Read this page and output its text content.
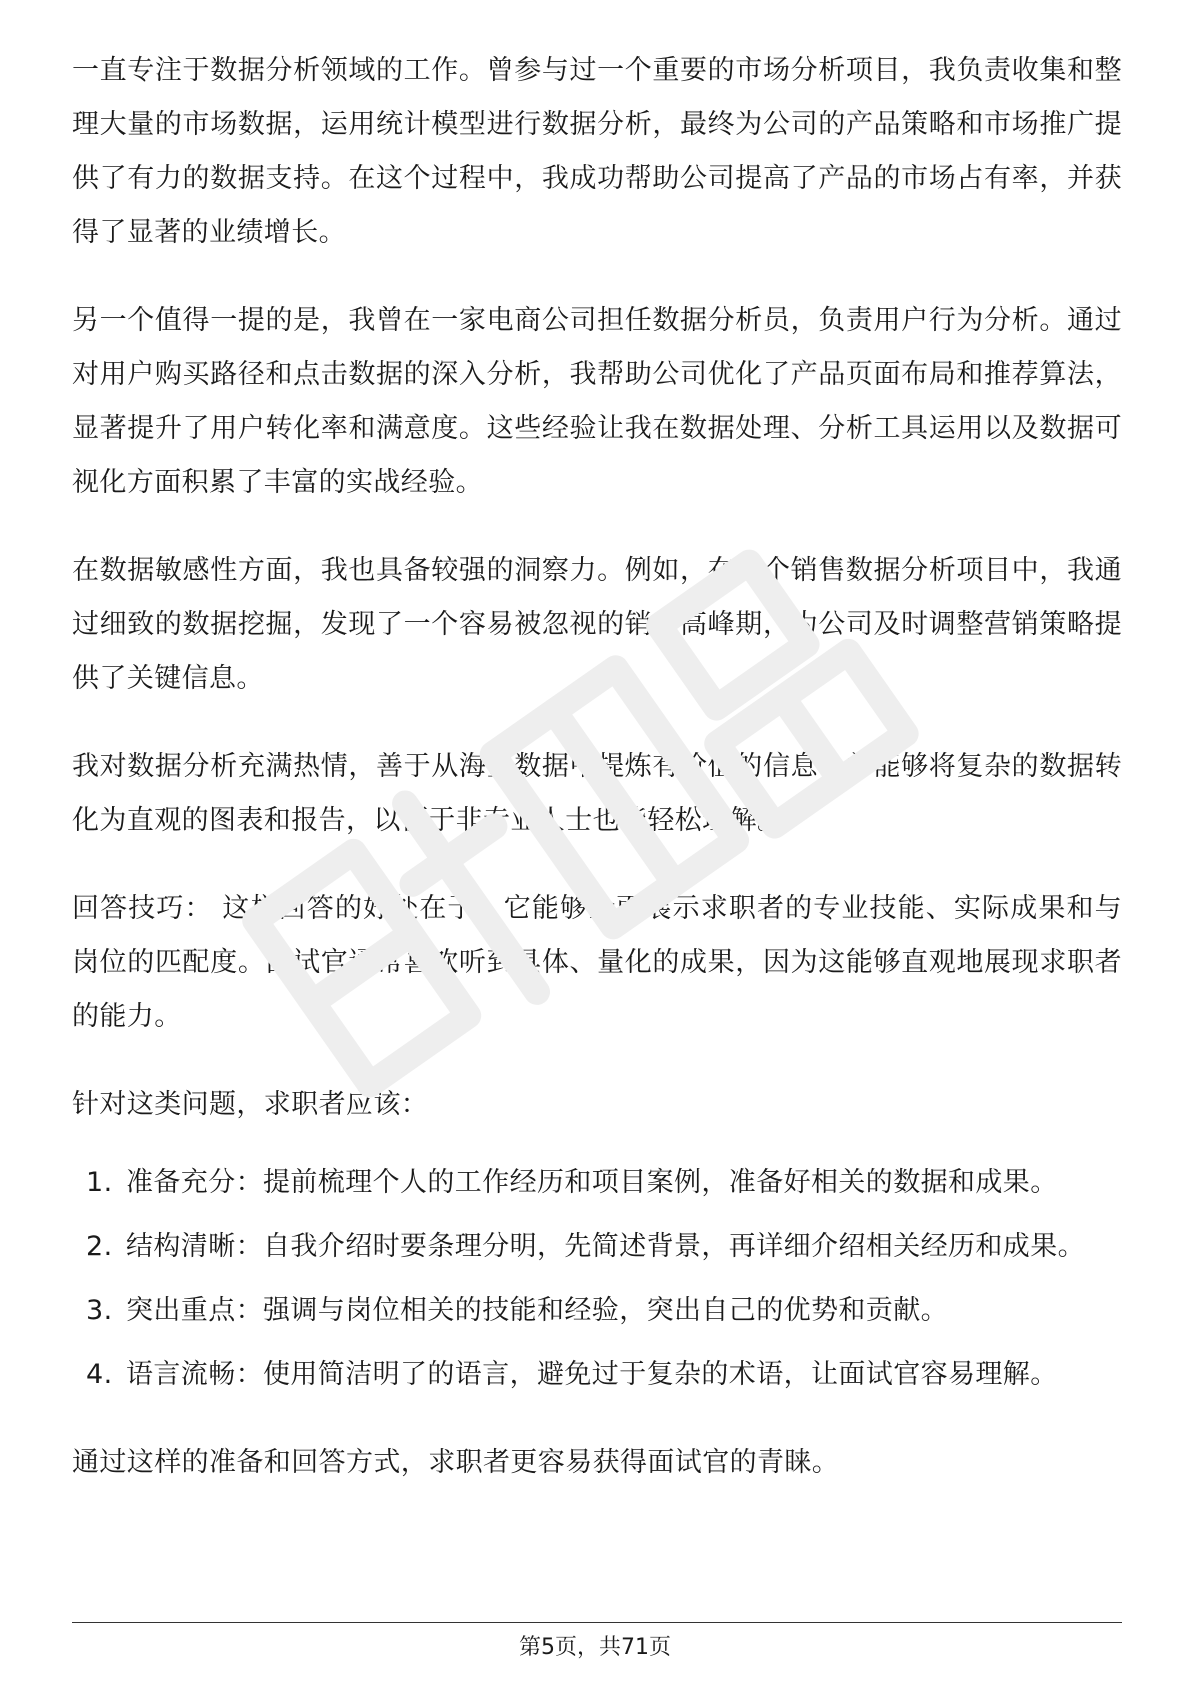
一直专注于数据分析领域的工作。曾参与过一个重要的市场分析项目，我负责收集和整理大量的市场数据，运用统计模型进行数据分析，最终为公司的产品策略和市场推广提供了有力的数据支持。在这个过程中，我成功帮助公司提高了产品的市场占有率，并获得了显著的业绩增长。

另一个值得一提的是，我曾在一家电商公司担任数据分析员，负责用户行为分析。通过对用户购买路径和点击数据的深入分析，我帮助公司优化了产品页面布局和推荐算法，显著提升了用户转化率和满意度。这些经验让我在数据处理、分析工具运用以及数据可视化方面积累了丰富的实战经验。

在数据敏感性方面，我也具备较强的洞察力。例如，在一个销售数据分析项目中，我通过细致的数据挖掘，发现了一个容易被忽视的销售高峰期，为公司及时调整营销策略提供了关键信息。

我对数据分析充满热情，善于从海量数据中提炼有价值的信息，并能够将复杂的数据转化为直观的图表和报告，以便于非专业人士也能轻松理解。

回答技巧： 这样回答的好处在于，它能够全面展示求职者的专业技能、实际成果和与岗位的匹配度。面试官通常喜欢听到具体、量化的成果，因为这能够直观地展现求职者的能力。

针对这类问题，求职者应该：

1. 准备充分：提前梳理个人的工作经历和项目案例，准备好相关的数据和成果。
2. 结构清晰：自我介绍时要条理分明，先简述背景，再详细介绍相关经历和成果。
3. 突出重点：强调与岗位相关的技能和经验，突出自己的优势和贡献。
4. 语言流畅：使用简洁明了的语言，避免过于复杂的术语，让面试官容易理解。

通过这样的准备和回答方式，求职者更容易获得面试官的青睐。

第5页，共71页
